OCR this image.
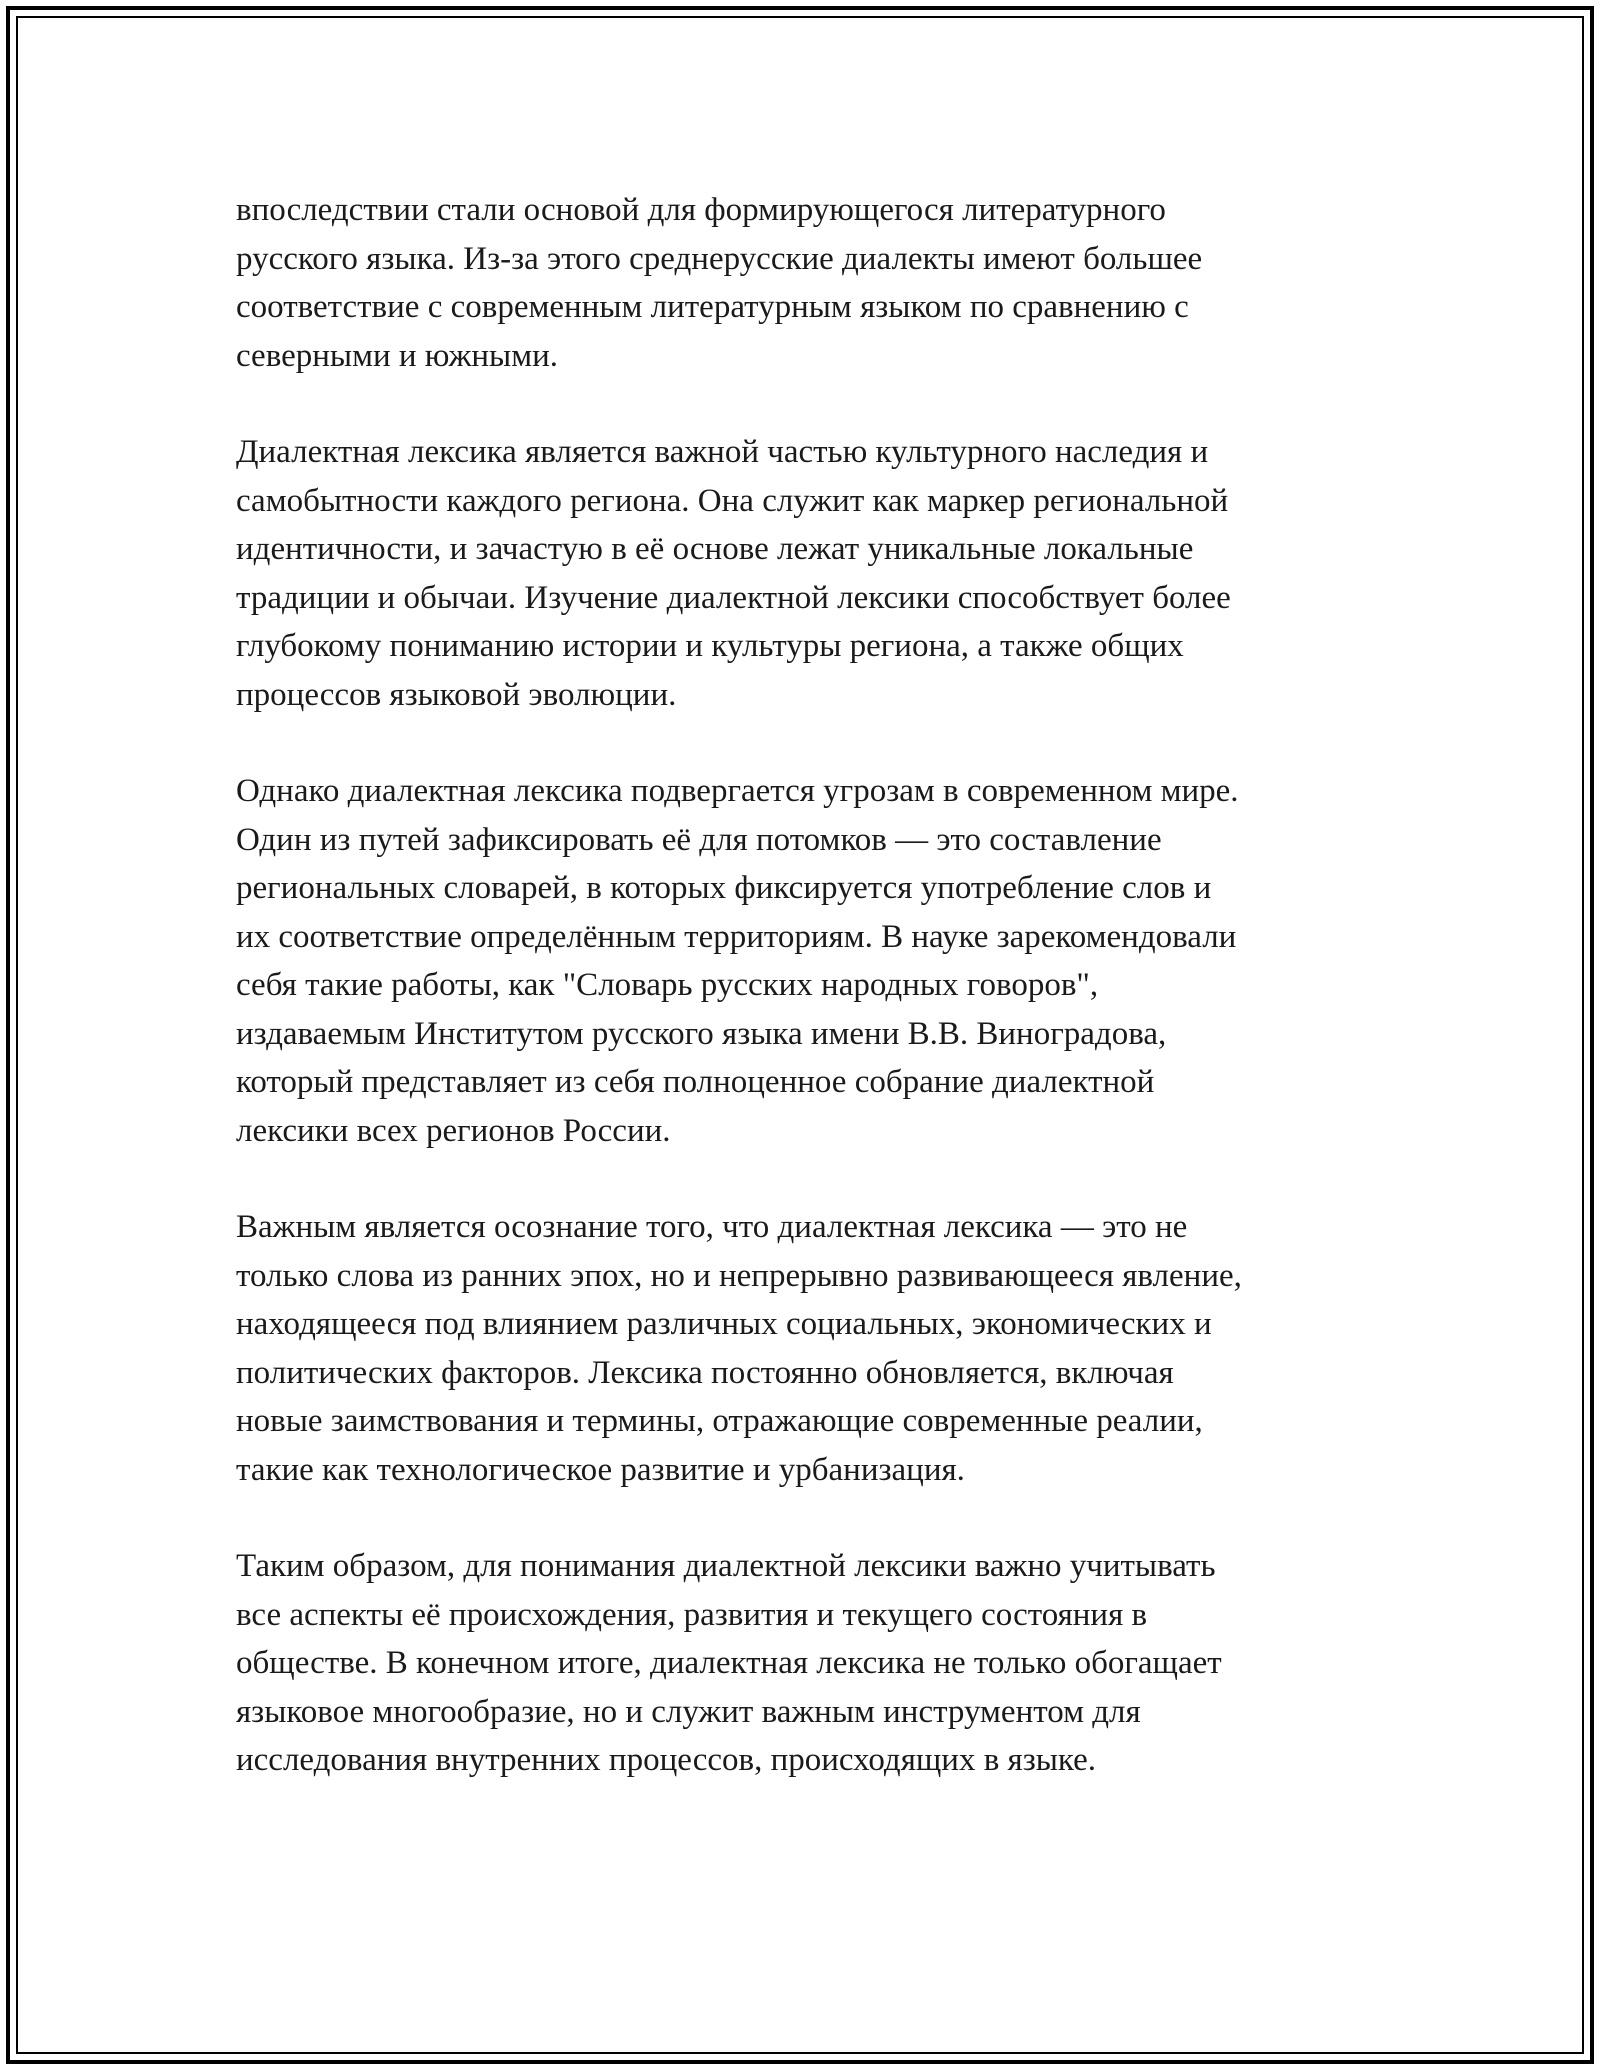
впоследствии стали основой для формирующегося литературного
русского языка. Из-за этого среднерусские диалекты имеют большее
соответствие с современным литературным языком по сравнению с
северными и южными.

Диалектная лексика является важной частью культурного наследия и
самобытности каждого региона. Она служит как маркер региональной
идентичности, и зачастую в её основе лежат уникальные локальные
традиции и обычаи. Изучение диалектной лексики способствует более
глубокому пониманию истории и культуры региона, а также общих
процессов языковой эволюции.

Однако диалектная лексика подвергается угрозам в современном мире.
Один из путей зафиксировать её для потомков — это составление
региональных словарей, в которых фиксируется употребление слов и
их соответствие определённым территориям. В науке зарекомендовали
себя такие работы, как "Словарь русских народных говоров",
издаваемым Институтом русского языка имени В.В. Виноградова,
который представляет из себя полноценное собрание диалектной
лексики всех регионов России.

Важным является осознание того, что диалектная лексика — это не
только слова из ранних эпох, но и непрерывно развивающееся явление,
находящееся под влиянием различных социальных, экономических и
политических факторов. Лексика постоянно обновляется, включая
новые заимствования и термины, отражающие современные реалии,
такие как технологическое развитие и урбанизация.

Таким образом, для понимания диалектной лексики важно учитывать
все аспекты её происхождения, развития и текущего состояния в
обществе. В конечном итоге, диалектная лексика не только обогащает
языковое многообразие, но и служит важным инструментом для
исследования внутренних процессов, происходящих в языке.
